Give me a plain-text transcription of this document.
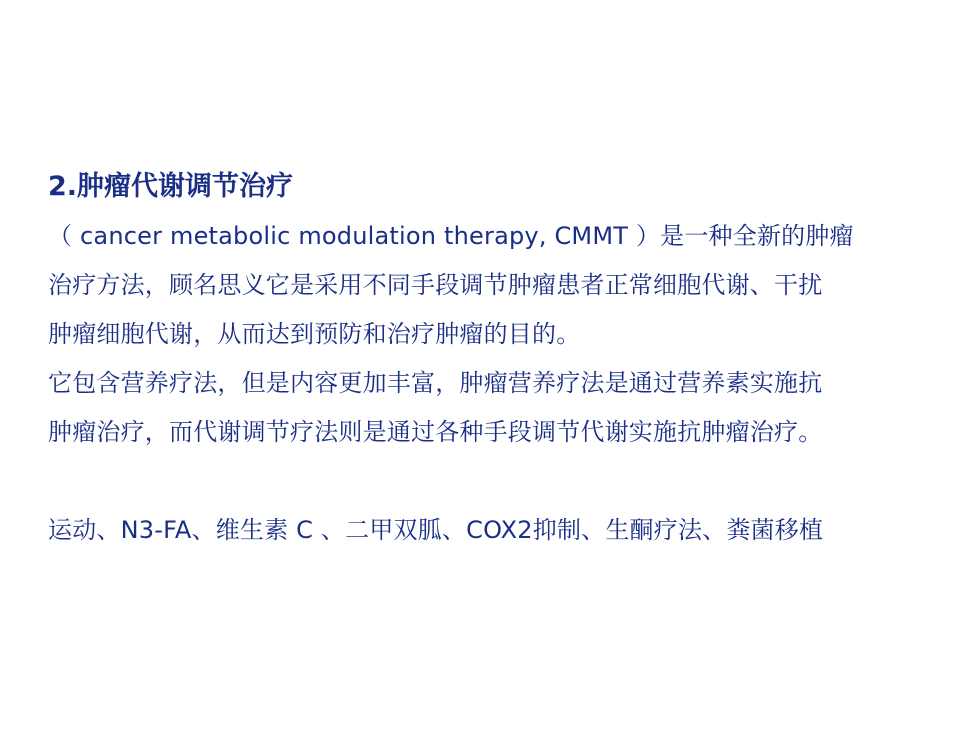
2.肿瘤代谢调节治疗
（ cancer metabolic modulation therapy, CMMT ）是一种全新的肿瘤
治疗方法，顾名思义它是采用不同手段调节肿瘤患者正常细胞代谢、干扰
肿瘤细胞代谢，从而达到预防和治疗肿瘤的目的。
它包含营养疗法，但是内容更加丰富，肿瘤营养疗法是通过营养素实施抗
肿瘤治疗，而代谢调节疗法则是通过各种手段调节代谢实施抗肿瘤治疗。
运动、N3-FA、维生素 C 、二甲双胍、COX2抑制、生酮疗法、粪菌移植
